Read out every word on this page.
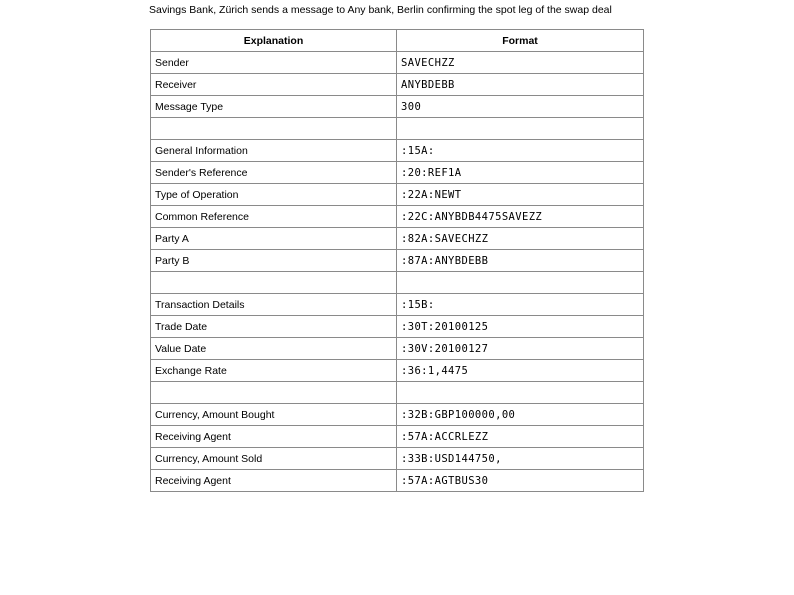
Savings Bank, Zürich sends a message to Any bank, Berlin confirming the spot leg of the swap deal
Explanation	Format
Sender	SAVECHZZ
Receiver	ANYBDEBB
Message Type	300

General Information	:15A:
Sender's Reference	:20:REF1A
Type of Operation	:22A:NEWT
Common Reference	:22C:ANYBDB4475SAVEZZ
Party A	:82A:SAVECHZZ
Party B	:87A:ANYBDEBB

Transaction Details	:15B:
Trade Date	:30T:20100125
Value Date	:30V:20100127
Exchange Rate	:36:1,4475

Currency, Amount Bought	:32B:GBP100000,00
Receiving Agent	:57A:ACCRLEZZ
Currency, Amount Sold	:33B:USD144750,
Receiving Agent	:57A:AGTBUS30
